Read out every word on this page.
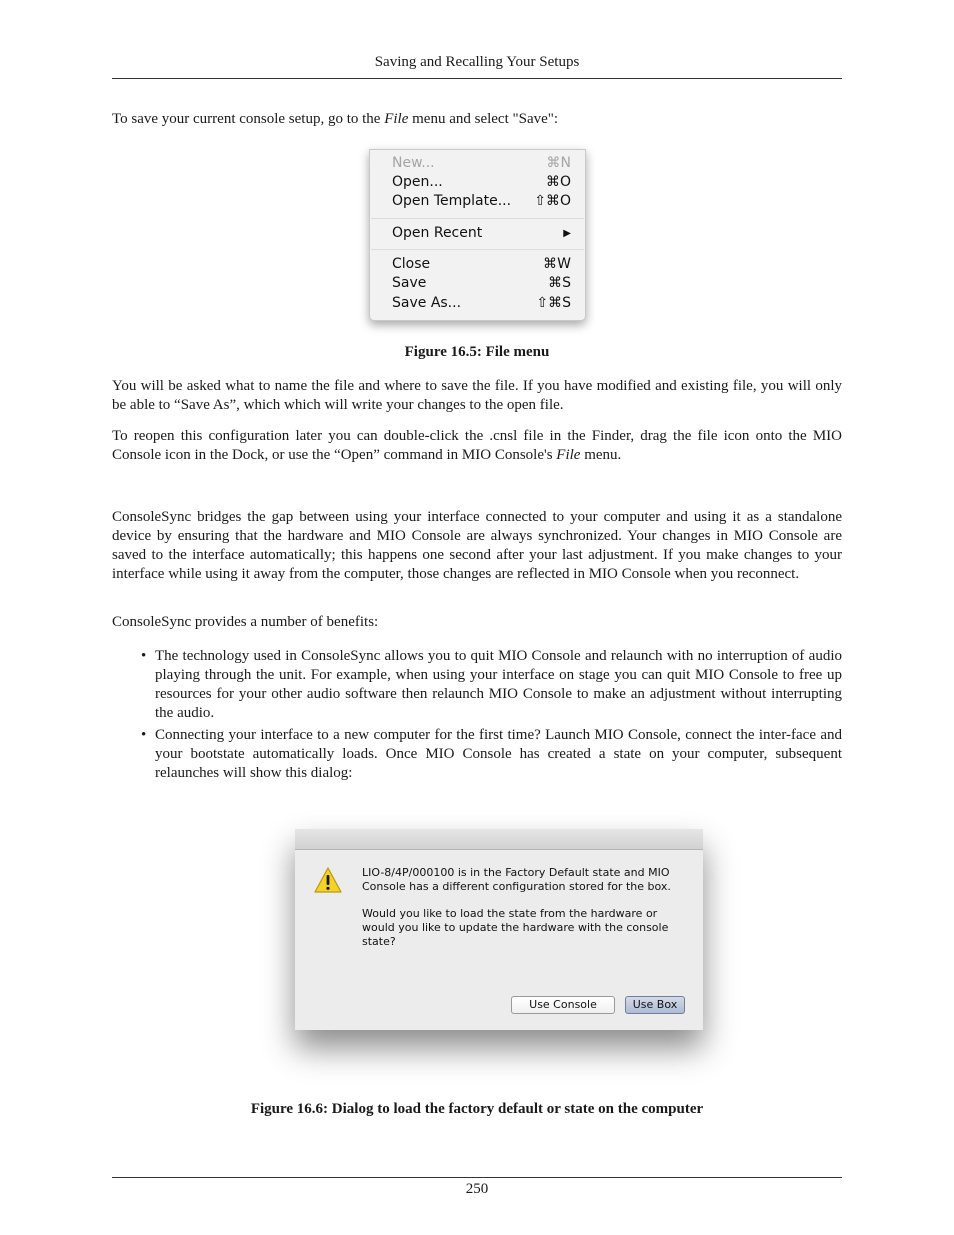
Saving and Recalling Your Setups

To save your current console setup, go to the File menu and select "Save":

New...	⌘N
Open...	⌘O
Open Template... ⇧⌘O
Open Recent	▶
Close	⌘W
Save	⌘S
Save As...	⇧⌘S
Figure 16.5: File menu

You will be asked what to name the file and where to save the file. If you have modified and existing file, you will only be able to “Save As”, which which will write your changes to the open file.

To reopen this configuration later you can double-click the .cnsl file in the Finder, drag the file icon onto the MIO Console icon in the Dock, or use the “Open” command in MIO Console's File menu.

ConsoleSync bridges the gap between using your interface connected to your computer and using it as a standalone device by ensuring that the hardware and MIO Console are always synchronized. Your changes in MIO Console are saved to the interface automatically; this happens one second after your last adjustment. If you make changes to your interface while using it away from the computer, those changes are reflected in MIO Console when you reconnect.

ConsoleSync provides a number of benefits:

• The technology used in ConsoleSync allows you to quit MIO Console and relaunch with no interruption of audio playing through the unit. For example, when using your interface on stage you can quit MIO Console to free up resources for your other audio software then relaunch MIO Console to make an adjustment without interrupting the audio.
• Connecting your interface to a new computer for the first time? Launch MIO Console, connect the inter-face and your bootstate automatically loads. Once MIO Console has created a state on your computer, subsequent relaunches will show this dialog:
LIO-8/4P/000100 is in the Factory Default state and MIO Console has a different configuration stored for the box.
Would you like to load the state from the hardware or would you like to update the hardware with the console state?
Use Console	Use Box
Figure 16.6: Dialog to load the factory default or state on the computer
250
